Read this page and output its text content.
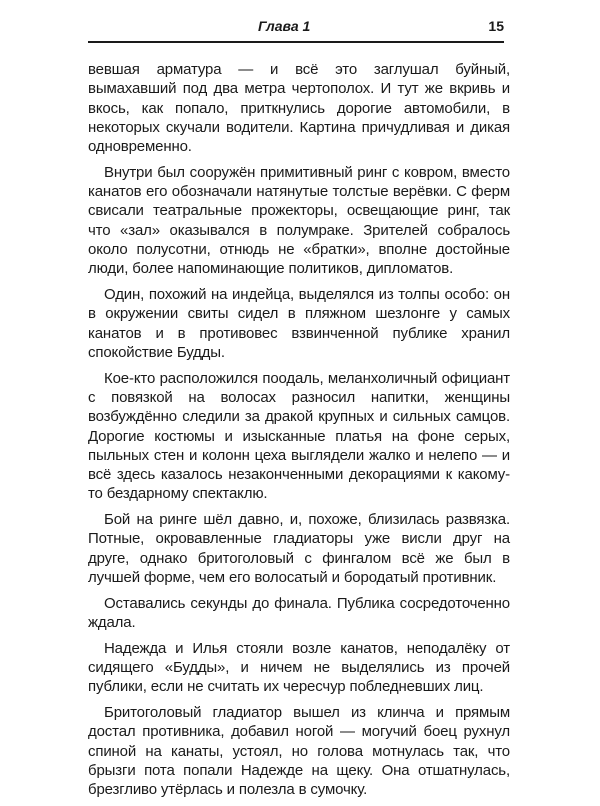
Глава 1	15

вевшая арматура — и всё это заглушал буйный, вымахавший под два метра чертополох. И тут же вкривь и вкось, как попало, приткнулись дорогие автомобили, в некоторых скучали водители. Картина причудливая и дикая одновременно.

Внутри был сооружён примитивный ринг с ковром, вместо канатов его обозначали натянутые толстые верёвки. С ферм свисали театральные прожекторы, освещающие ринг, так что «зал» оказывался в полумраке. Зрителей собралось около полусотни, отнюдь не «братки», вполне достойные люди, более напоминающие политиков, дипломатов.

Один, похожий на индейца, выделялся из толпы особо: он в окружении свиты сидел в пляжном шезлонге у самых канатов и в противовес взвинченной публике хранил спокойствие Будды.

Кое-кто расположился поодаль, меланхоличный официант с повязкой на волосах разносил напитки, женщины возбуждённо следили за дракой крупных и сильных самцов. Дорогие костюмы и изысканные платья на фоне серых, пыльных стен и колонн цеха выглядели жалко и нелепо — и всё здесь казалось незаконченными декорациями к какому-то бездарному спектаклю.

Бой на ринге шёл давно, и, похоже, близилась развязка. Потные, окровавленные гладиаторы уже висли друг на друге, однако бритоголовый с фингалом всё же был в лучшей форме, чем его волосатый и бородатый противник.

Оставались секунды до финала. Публика сосредоточенно ждала.

Надежда и Илья стояли возле канатов, неподалёку от сидящего «Будды», и ничем не выделялись из прочей публики, если не считать их чересчур побледневших лиц.

Бритоголовый гладиатор вышел из клинча и прямым достал противника, добавил ногой — могучий боец рухнул спиной на канаты, устоял, но голова мотнулась так, что брызги пота попали Надежде на щеку. Она отшатнулась, брезгливо утёрлась и полезла в сумочку.
